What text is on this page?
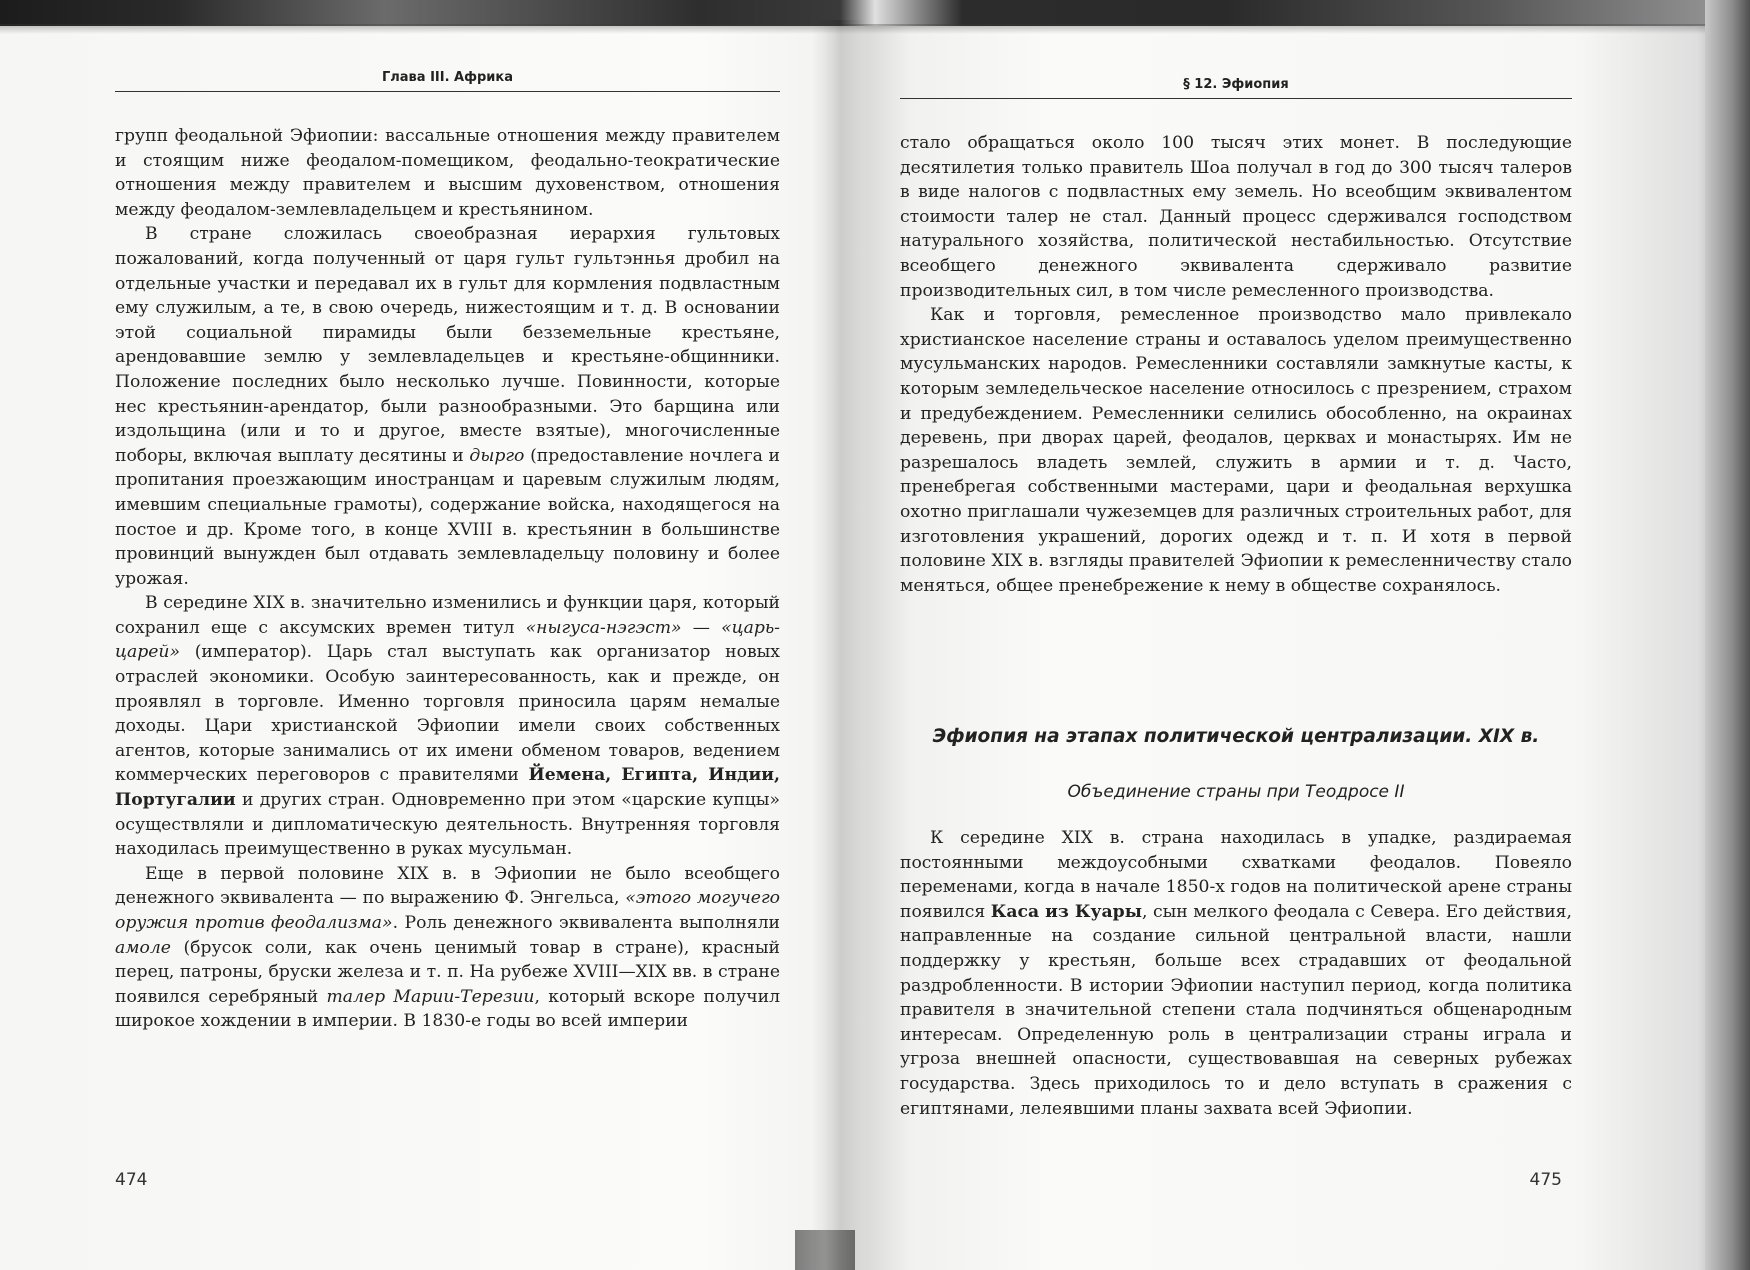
Глава III. Африка

групп феодальной Эфиопии: вассальные отношения между правителем и стоящим ниже феодалом-помещиком, феодально-теократические отношения между правителем и высшим духовенством, отношения между феодалом-землевладельцем и крестьянином.

В стране сложилась своеобразная иерархия гультовых пожалований, когда полученный от царя гульт гультэннья дробил на отдельные участки и передавал их в гульт для кормления подвластным ему служилым, а те, в свою очередь, нижестоящим и т. д. В основании этой социальной пирамиды были безземельные крестьяне, арендовавшие землю у землевладельцев и крестьяне-общинники. Положение последних было несколько лучше. Повинности, которые нес крестьянин-арендатор, были разнообразными. Это барщина или издольщина (или и то и другое, вместе взятые), многочисленные поборы, включая выплату десятины и дырго (предоставление ночлега и пропитания проезжающим иностранцам и царевым служилым людям, имевшим специальные грамоты), содержание войска, находящегося на постое и др. Кроме того, в конце XVIII в. крестьянин в большинстве провинций вынужден был отдавать землевладельцу половину и более урожая.

В середине XIX в. значительно изменились и функции царя, который сохранил еще с аксумских времен титул «ныгуса-нэгэст» — «царь-царей» (император). Царь стал выступать как организатор новых отраслей экономики. Особую заинтересованность, как и прежде, он проявлял в торговле. Именно торговля приносила царям немалые доходы. Цари христианской Эфиопии имели своих собственных агентов, которые занимались от их имени обменом товаров, ведением коммерческих переговоров с правителями Йемена, Египта, Индии, Португалии и других стран. Одновременно при этом «царские купцы» осуществляли и дипломатическую деятельность. Внутренняя торговля находилась преимущественно в руках мусульман.

Еще в первой половине XIX в. в Эфиопии не было всеобщего денежного эквивалента — по выражению Ф. Энгельса, «этого могучего оружия против феодализма». Роль денежного эквивалента выполняли амоле (брусок соли, как очень ценимый товар в стране), красный перец, патроны, бруски железа и т. п. На рубеже XVIII—XIX вв. в стране появился серебряный талер Марии-Терезии, который вскоре получил широкое хождении в империи. В 1830-е годы во всей империи

474
§ 12. Эфиопия

стало обращаться около 100 тысяч этих монет. В последующие десятилетия только правитель Шоа получал в год до 300 тысяч талеров в виде налогов с подвластных ему земель. Но всеобщим эквивалентом стоимости талер не стал. Данный процесс сдерживался господством натурального хозяйства, политической нестабильностью. Отсутствие всеобщего денежного эквивалента сдерживало развитие производительных сил, в том числе ремесленного производства.

Как и торговля, ремесленное производство мало привлекало христианское население страны и оставалось уделом преимущественно мусульманских народов. Ремесленники составляли замкнутые касты, к которым земледельческое население относилось с презрением, страхом и предубеждением. Ремесленники селились обособленно, на окраинах деревень, при дворах царей, феодалов, церквах и монастырях. Им не разрешалось владеть землей, служить в армии и т. д. Часто, пренебрегая собственными мастерами, цари и феодальная верхушка охотно приглашали чужеземцев для различных строительных работ, для изготовления украшений, дорогих одежд и т. п. И хотя в первой половине XIX в. взгляды правителей Эфиопии к ремесленничеству стало меняться, общее пренебрежение к нему в обществе сохранялось.

Эфиопия на этапах политической централизации. XIX в.
Объединение страны при Теодросе II

К середине XIX в. страна находилась в упадке, раздираемая постоянными междоусобными схватками феодалов. Повеяло переменами, когда в начале 1850-х годов на политической арене страны появился Каса из Куары, сын мелкого феодала с Севера. Его действия, направленные на создание сильной центральной власти, нашли поддержку у крестьян, больше всех страдавших от феодальной раздробленности. В истории Эфиопии наступил период, когда политика правителя в значительной степени стала подчиняться общенародным интересам. Определенную роль в централизации страны играла и угроза внешней опасности, существовавшая на северных рубежах государства. Здесь приходилось то и дело вступать в сражения с египтянами, лелеявшими планы захвата всей Эфиопии.

475
